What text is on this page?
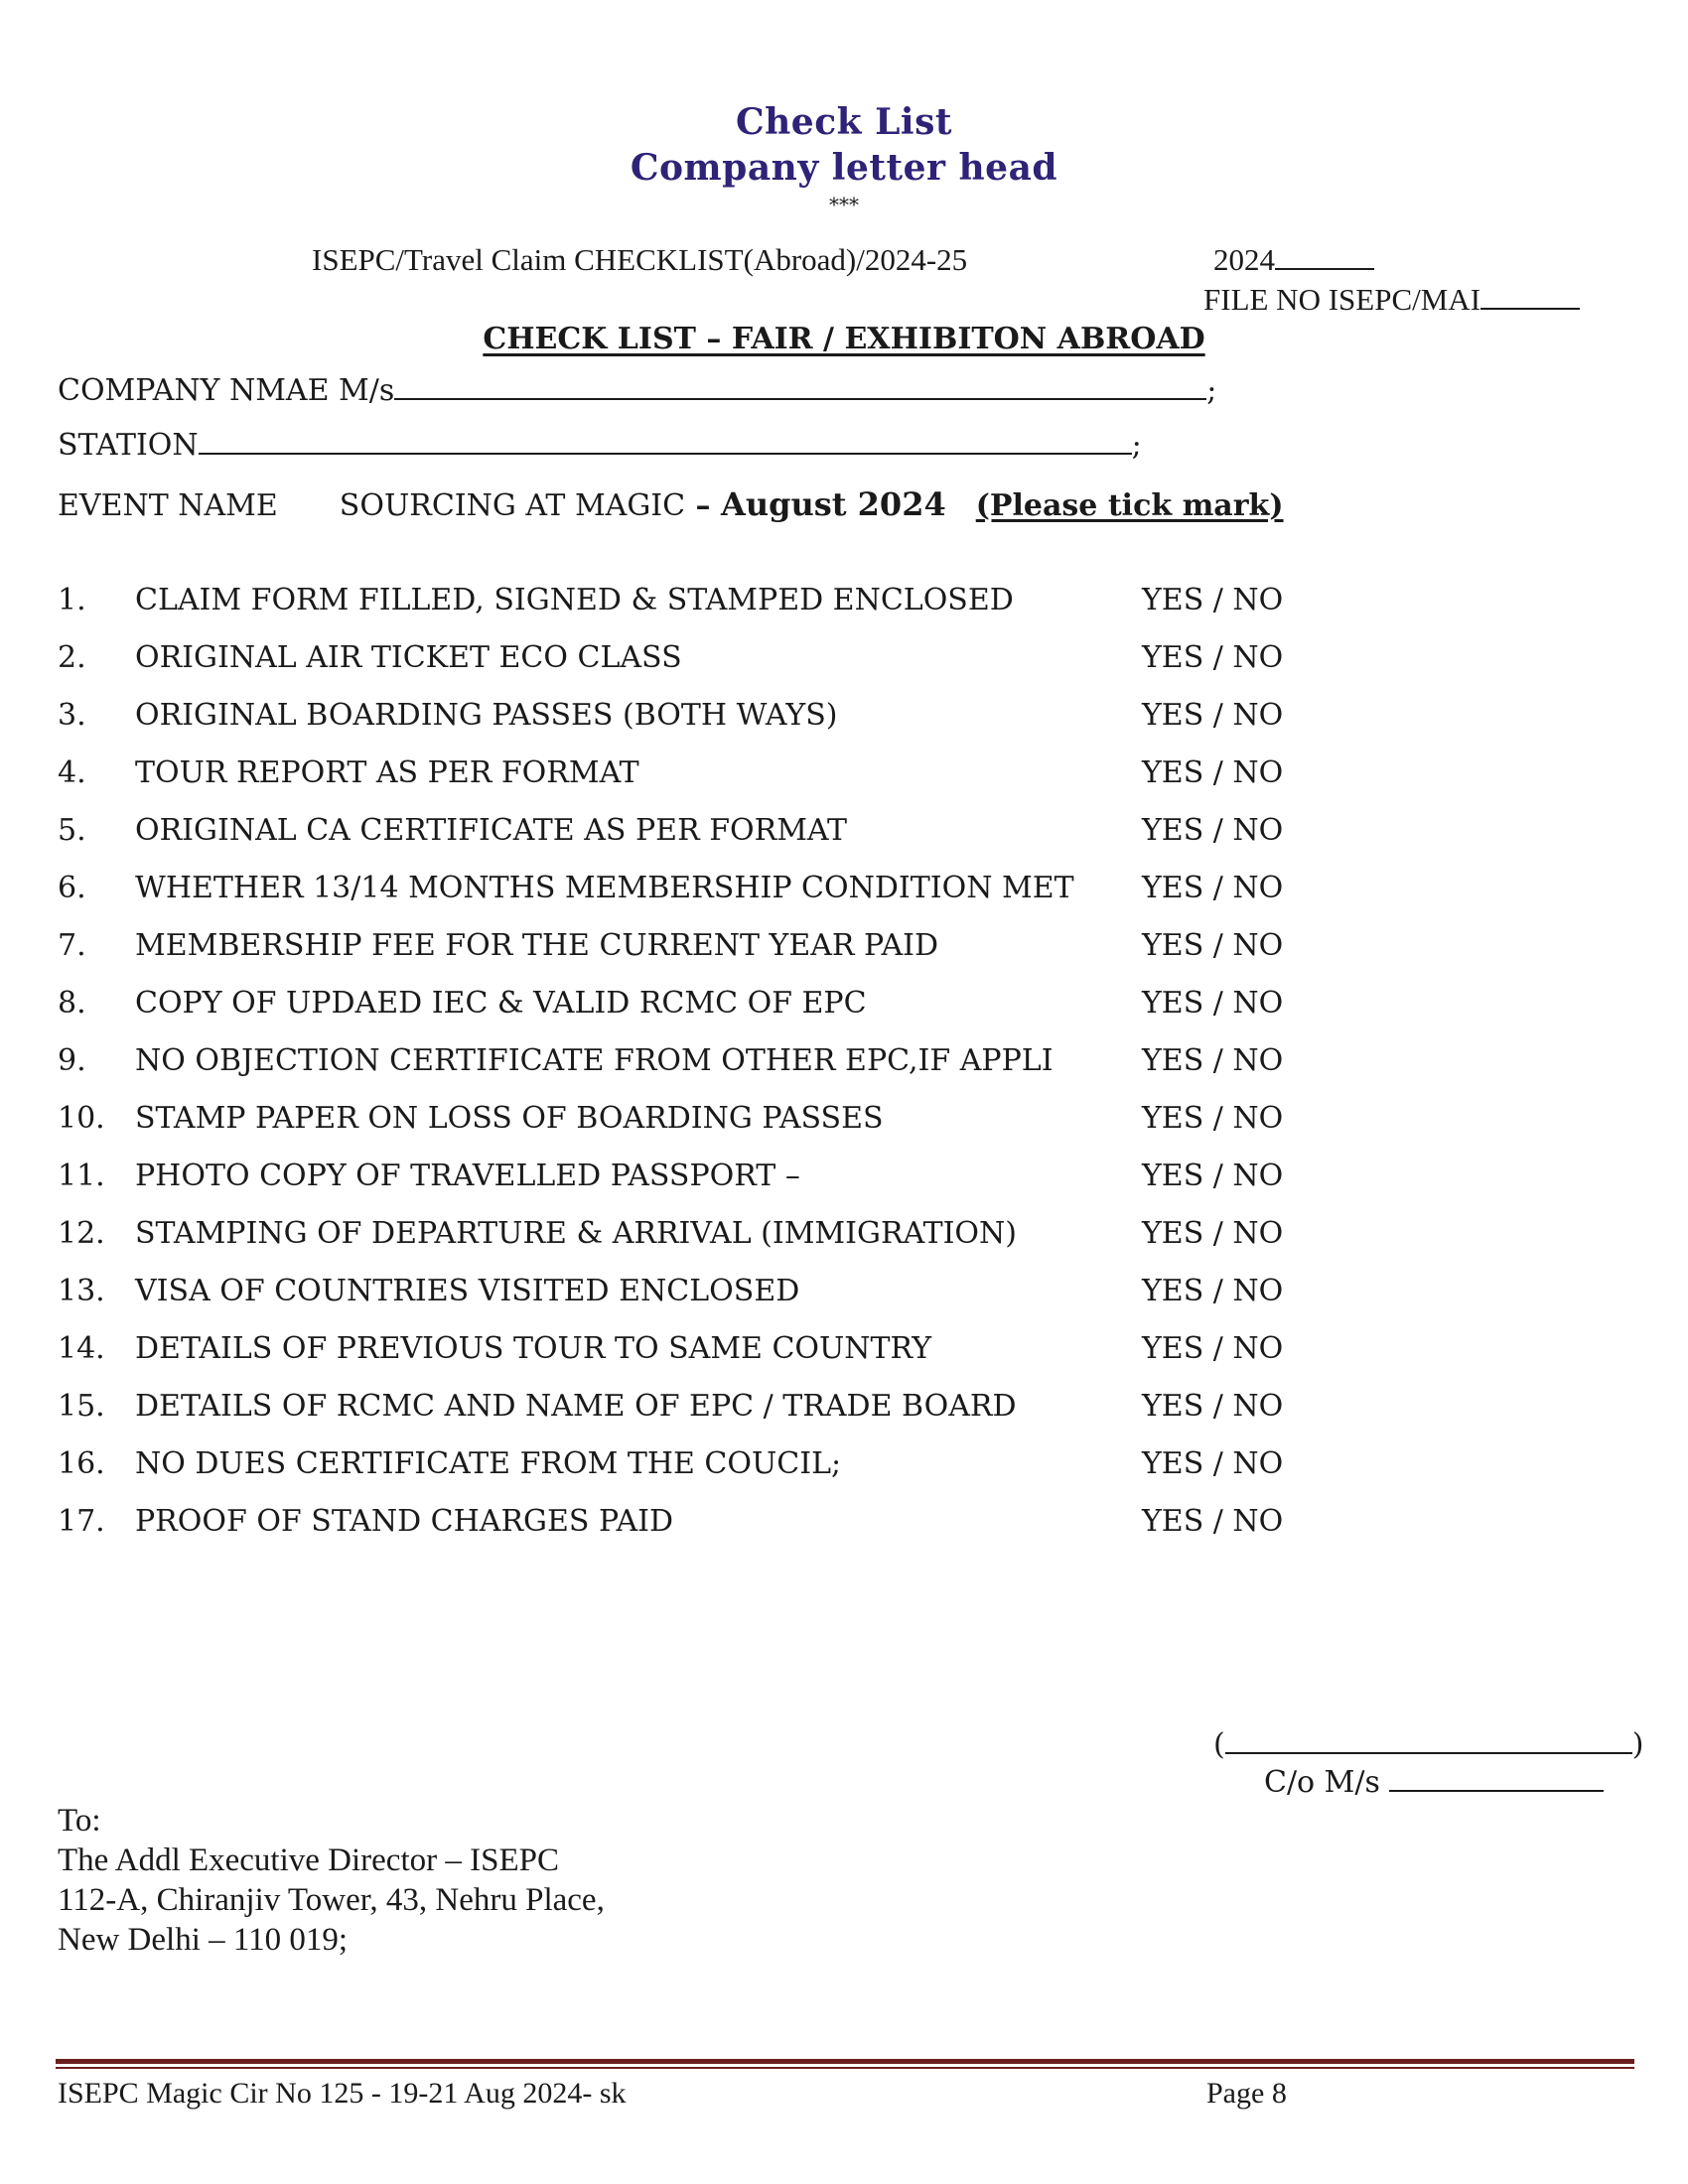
Check List
Company letter head
***
ISEPC/Travel Claim CHECKLIST(Abroad)/2024-25	2024
FILE NO ISEPC/MAI
CHECK LIST – FAIR / EXHIBITON ABROAD
COMPANY NMAE M/s	;
STATION	;
EVENT NAME SOURCING AT MAGIC – August 2024 (Please tick mark)
1. CLAIM FORM FILLED, SIGNED & STAMPED ENCLOSED	YES / NO
2. ORIGINAL AIR TICKET ECO CLASS	YES / NO
3. ORIGINAL BOARDING PASSES (BOTH WAYS)	YES / NO
4. TOUR REPORT AS PER FORMAT	YES / NO
5. ORIGINAL CA CERTIFICATE AS PER FORMAT	YES / NO
6. WHETHER 13/14 MONTHS MEMBERSHIP CONDITION MET YES / NO
7. MEMBERSHIP FEE FOR THE CURRENT YEAR PAID	YES / NO
8. COPY OF UPDAED IEC & VALID RCMC OF EPC	YES / NO
9. NO OBJECTION CERTIFICATE FROM OTHER EPC,IF APPLI	YES / NO
10. STAMP PAPER ON LOSS OF BOARDING PASSES	YES / NO
11. PHOTO COPY OF TRAVELLED PASSPORT –	YES / NO
12. STAMPING OF DEPARTURE & ARRIVAL (IMMIGRATION)	YES / NO
13. VISA OF COUNTRIES VISITED ENCLOSED	YES / NO
14. DETAILS OF PREVIOUS TOUR TO SAME COUNTRY	YES / NO
15. DETAILS OF RCMC AND NAME OF EPC / TRADE BOARD	YES / NO
16. NO DUES CERTIFICATE FROM THE COUCIL;	YES / NO
17. PROOF OF STAND CHARGES PAID	YES / NO
(	)
C/o M/s
To:
The Addl Executive Director – ISEPC
112-A, Chiranjiv Tower, 43, Nehru Place,
New Delhi – 110 019;
ISEPC Magic Cir No 125 - 19-21 Aug 2024- sk	Page 8
